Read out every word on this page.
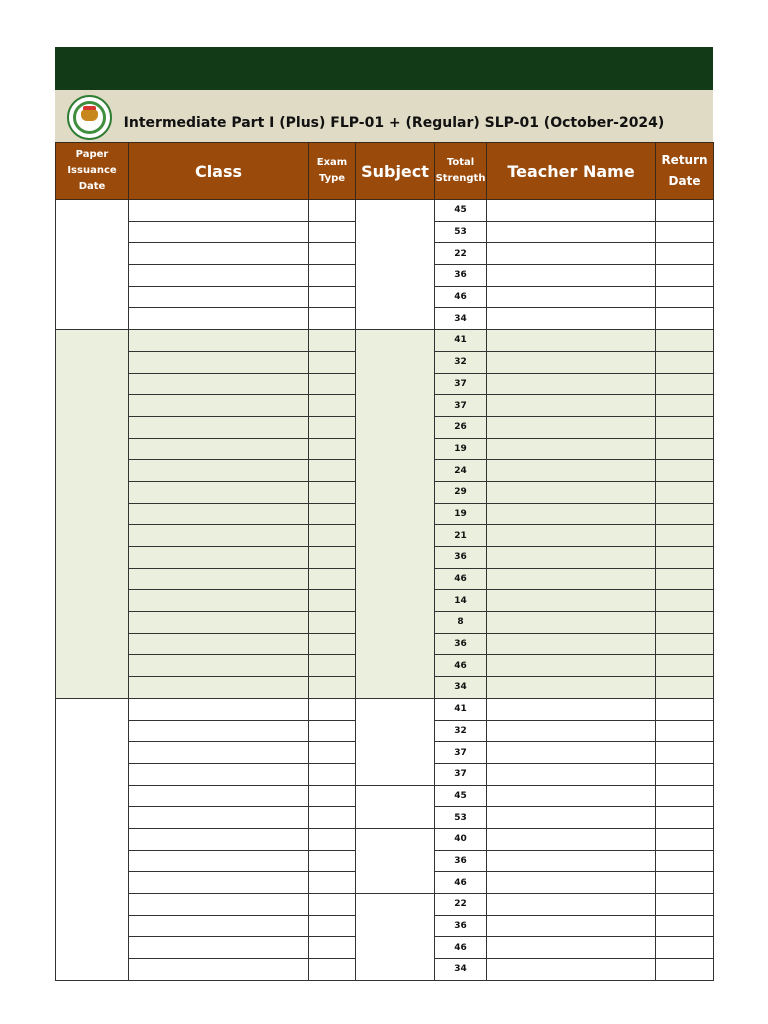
Intermediate Part I (Plus) FLP-01 + (Regular) SLP-01 (October-2024)
Paper Issuance Date	Class	Exam Type	Subject	Total Strength	Teacher Name	Return Date
				45		
				53		
				22		
				36		
				46		
				34		
				41		
				32		
				37		
				37		
				26		
				19		
				24		
				29		
				19		
				21		
				36		
				46		
				14		
				8		
				36		
				46		
				34		
				41		
				32		
				37		
				37		
				45		
				53		
				40		
				36		
				46		
				22		
				36		
				46		
				34		
